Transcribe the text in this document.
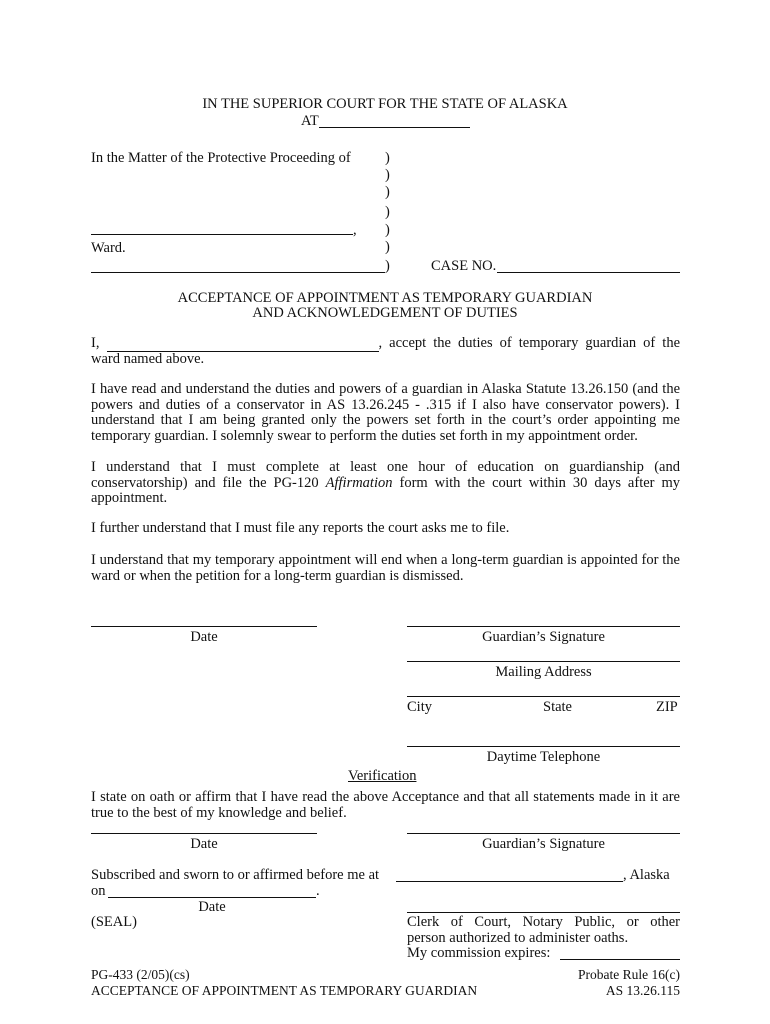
IN THE SUPERIOR COURT FOR THE STATE OF ALASKA
AT
In the Matter of the Protective Proceeding of )
)
)
)
)
)
)
,
Ward.
CASE NO.
ACCEPTANCE OF APPOINTMENT AS TEMPORARY GUARDIAN
AND ACKNOWLEDGEMENT OF DUTIES
I,	, accept the duties of temporary guardian of the ward named above.
I have read and understand the duties and powers of a guardian in Alaska Statute 13.26.150 (and the powers and duties of a conservator in AS 13.26.245 - .315 if I also have conservator powers). I understand that I am being granted only the powers set forth in the court’s order appointing me temporary guardian. I solemnly swear to perform the duties set forth in my appointment order.
I understand that I must complete at least one hour of education on guardianship (and conservatorship) and file the PG-120 Affirmation form with the court within 30 days after my appointment.
I further understand that I must file any reports the court asks me to file.
I understand that my temporary appointment will end when a long-term guardian is appointed for the ward or when the petition for a long-term guardian is dismissed.
Date	Guardian’s Signature
Mailing Address
City	State	ZIP
Daytime Telephone
Verification
I state on oath or affirm that I have read the above Acceptance and that all statements made in it are true to the best of my knowledge and belief.
Date	Guardian’s Signature
Subscribed and sworn to or affirmed before me at	, Alaska
on	.
Date
(SEAL)	Clerk of Court, Notary Public, or other
person authorized to administer oaths.
My commission expires:
PG-433 (2/05)(cs)
ACCEPTANCE OF APPOINTMENT AS TEMPORARY GUARDIAN
Probate Rule 16(c)
AS 13.26.115
